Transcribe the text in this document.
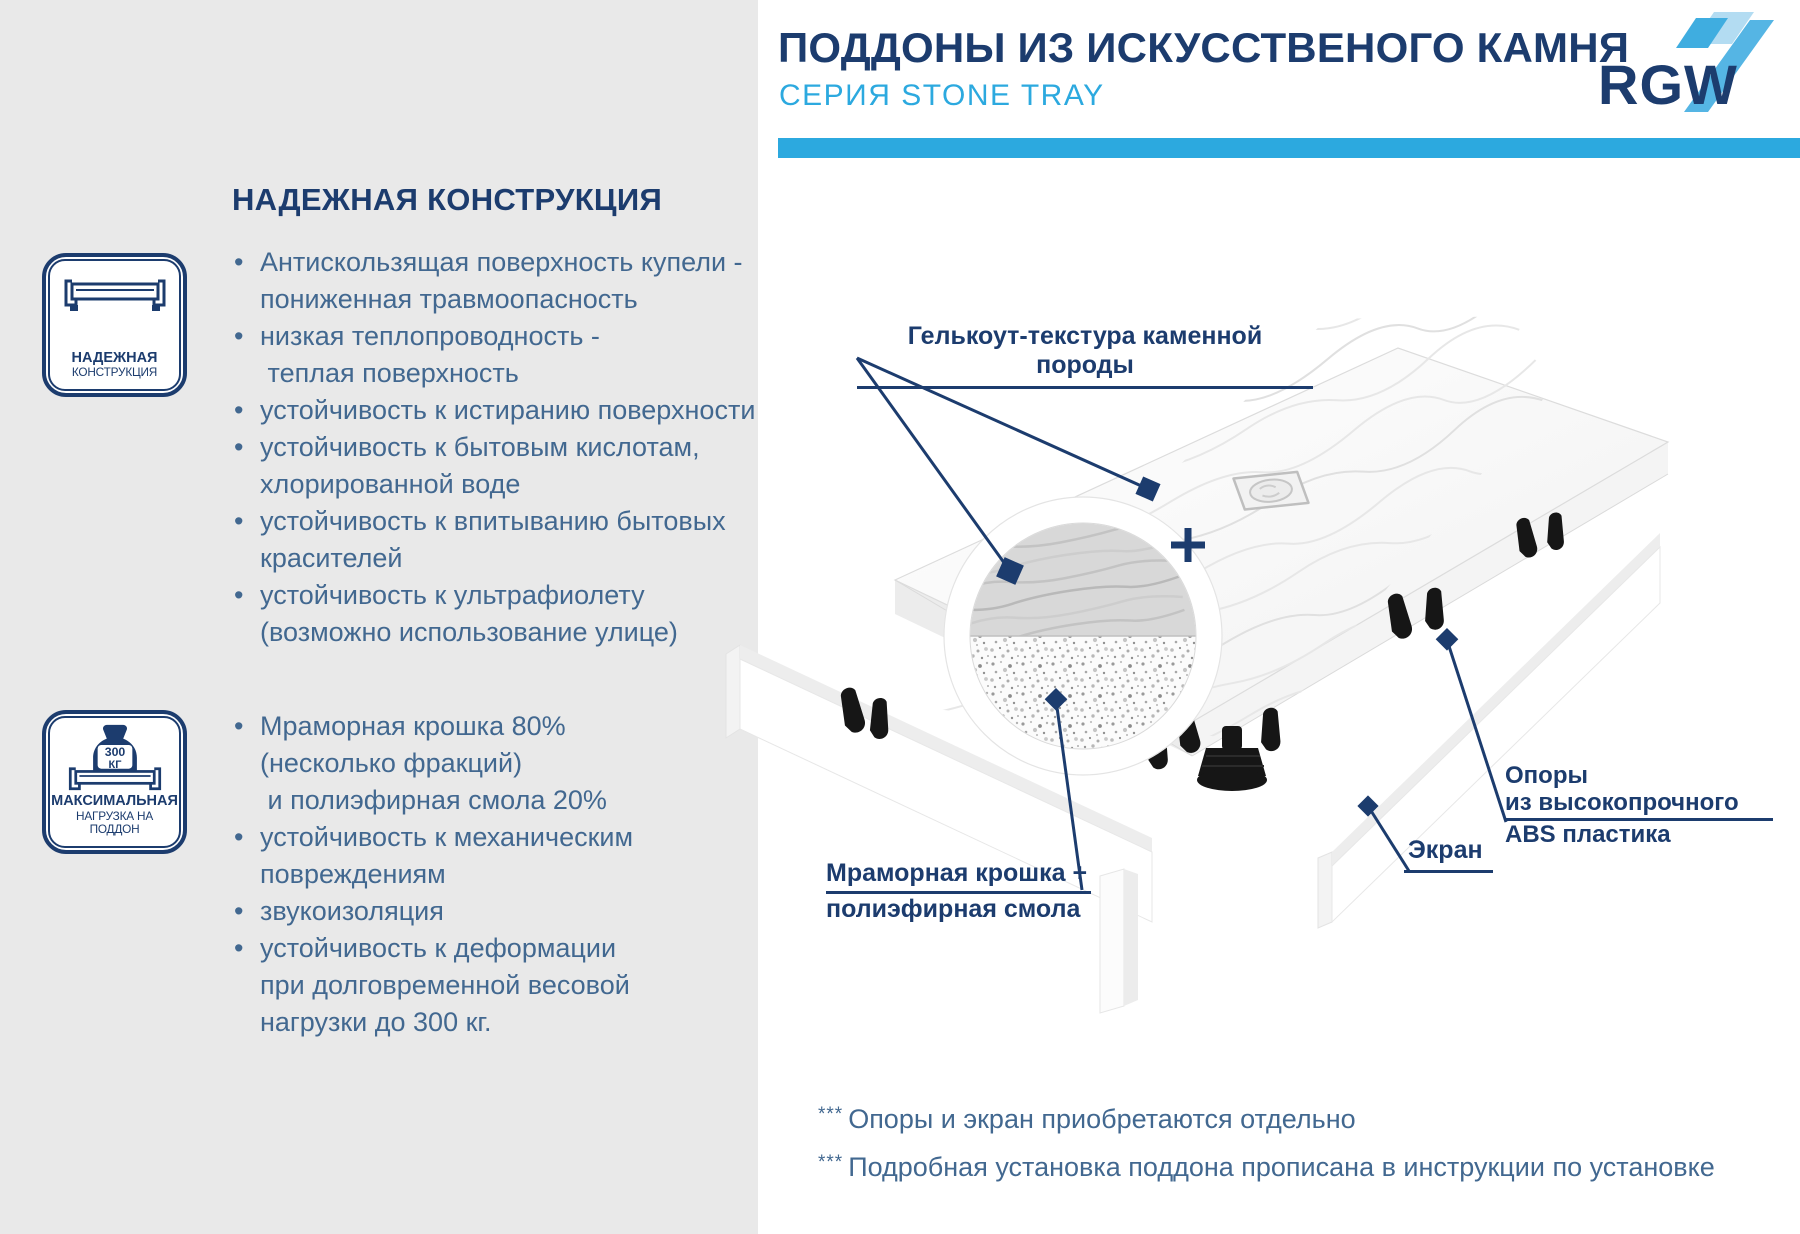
НАДЕЖНАЯ КОНСТРУКЦИЯ
НАДЕЖНАЯ
КОНСТРУКЦИЯ
300
КГ
МАКСИМАЛЬНАЯ
НАГРУЗКА НА ПОДДОН
• Антискользящая поверхность купели -
пониженная травмоопасность
• низкая теплопроводность -
теплая поверхность
• устойчивость к истиранию поверхности
• устойчивость к бытовым кислотам,
хлорированной воде
• устойчивость к впитыванию бытовых
красителей
• устойчивость к ультрафиолету
(возможно использование улице)
• Мраморная крошка 80%
(несколько фракций)
и полиэфирная смола 20%
• устойчивость к механическим
повреждениям
• звукоизоляция
• устойчивость к деформации
при долговременной весовой
нагрузки до 300 кг.
ПОДДОНЫ ИЗ ИСКУССТВЕНОГО КАМНЯ
СЕРИЯ STONE TRAY	RGW
Гелькоут-текстура каменной породы
Мраморная крошка +
полиэфирная смола
Опоры
из высокопрочного
ABS пластика
Экран
*** Опоры и экран приобретаются отдельно
*** Подробная установка поддона прописана в инструкции по установке
